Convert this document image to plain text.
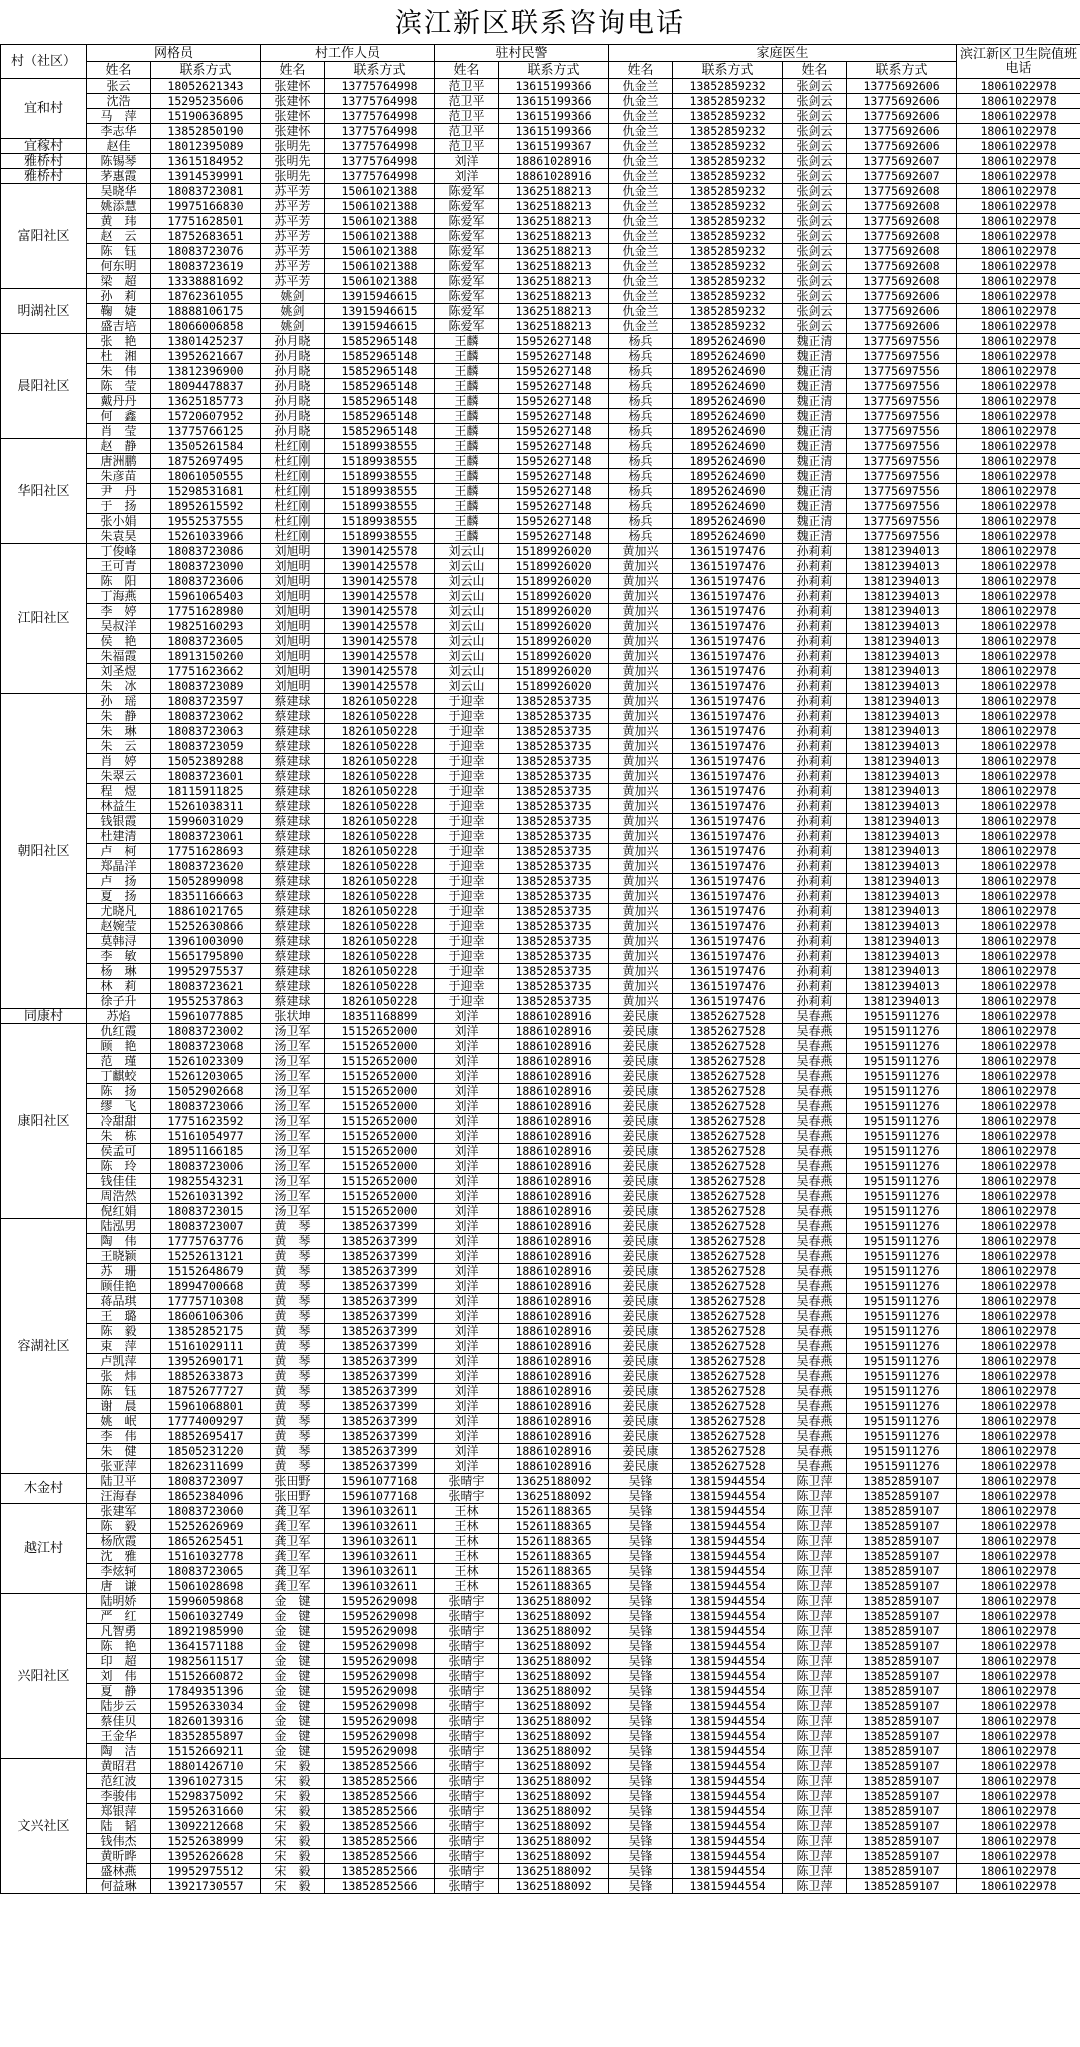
滨江新区联系咨询电话
村（社区）	网格员		村工作人员		驻村民警		家庭医生				滨江新区卫生院值班电话
	姓名	联系方式	姓名	联系方式	姓名	联系方式	姓名	联系方式	姓名	联系方式	
宜和村	张云	18052621343	张建怀	13775764998	范卫平	13615199366	仇金兰	13852859232	张剑云	13775692606	18061022978
	沈浩	15295235606	张建怀	13775764998	范卫平	13615199366	仇金兰	13852859232	张剑云	13775692606	18061022978
	马　萍	15190636895	张建怀	13775764998	范卫平	13615199366	仇金兰	13852859232	张剑云	13775692606	18061022978
	李志华	13852850190	张建怀	13775764998	范卫平	13615199366	仇金兰	13852859232	张剑云	13775692606	18061022978
宜稼村	赵佳	18012395089	张明先	13775764998	范卫平	13615199367	仇金兰	13852859232	张剑云	13775692606	18061022978
雅桥村	陈锡琴	13615184952	张明先	13775764998	刘洋	18861028916	仇金兰	13852859232	张剑云	13775692607	18061022978
雅桥村	茅惠霞	13914539991	张明先	13775764998	刘洋	18861028916	仇金兰	13852859232	张剑云	13775692607	18061022978
富阳社区	吴晓华	18083723081	苏平芳	15061021388	陈爱军	13625188213	仇金兰	13852859232	张剑云	13775692608	18061022978
	姚添慧	19975166830	苏平芳	15061021388	陈爱军	13625188213	仇金兰	13852859232	张剑云	13775692608	18061022978
	黄　玮	17751628501	苏平芳	15061021388	陈爱军	13625188213	仇金兰	13852859232	张剑云	13775692608	18061022978
	赵　云	18752683651	苏平芳	15061021388	陈爱军	13625188213	仇金兰	13852859232	张剑云	13775692608	18061022978
	陈　钰	18083723076	苏平芳	15061021388	陈爱军	13625188213	仇金兰	13852859232	张剑云	13775692608	18061022978
	何东明	18083723619	苏平芳	15061021388	陈爱军	13625188213	仇金兰	13852859232	张剑云	13775692608	18061022978
	梁　超	13338881692	苏平芳	15061021388	陈爱军	13625188213	仇金兰	13852859232	张剑云	13775692608	18061022978
明湖社区	孙　莉	18762361055	姚剑	13915946615	陈爱军	13625188213	仇金兰	13852859232	张剑云	13775692606	18061022978
	鞠　婕	18888106175	姚剑	13915946615	陈爱军	13625188213	仇金兰	13852859232	张剑云	13775692606	18061022978
	盛吉培	18066006858	姚剑	13915946615	陈爱军	13625188213	仇金兰	13852859232	张剑云	13775692606	18061022978
晨阳社区	张　艳	13801425237	孙月晓	15852965148	王麟	15952627148	杨兵	18952624690	魏正清	13775697556	18061022978
	杜　湘	13952621667	孙月晓	15852965148	王麟	15952627148	杨兵	18952624690	魏正清	13775697556	18061022978
	朱　伟	13812396900	孙月晓	15852965148	王麟	15952627148	杨兵	18952624690	魏正清	13775697556	18061022978
	陈　莹	18094478837	孙月晓	15852965148	王麟	15952627148	杨兵	18952624690	魏正清	13775697556	18061022978
	戴丹丹	13625185773	孙月晓	15852965148	王麟	15952627148	杨兵	18952624690	魏正清	13775697556	18061022978
	何　鑫	15720607952	孙月晓	15852965148	王麟	15952627148	杨兵	18952624690	魏正清	13775697556	18061022978
	肖　莹	13775766125	孙月晓	15852965148	王麟	15952627148	杨兵	18952624690	魏正清	13775697556	18061022978
华阳社区	赵　静	13505261584	杜红刚	15189938555	王麟	15952627148	杨兵	18952624690	魏正清	13775697556	18061022978
	唐洲鹏	18752697495	杜红刚	15189938555	王麟	15952627148	杨兵	18952624690	魏正清	13775697556	18061022978
	朱彦苗	18061050555	杜红刚	15189938555	王麟	15952627148	杨兵	18952624690	魏正清	13775697556	18061022978
	尹　丹	15298531681	杜红刚	15189938555	王麟	15952627148	杨兵	18952624690	魏正清	13775697556	18061022978
	于　扬	18952615592	杜红刚	15189938555	王麟	15952627148	杨兵	18952624690	魏正清	13775697556	18061022978
	张小娟	19552537555	杜红刚	15189938555	王麟	15952627148	杨兵	18952624690	魏正清	13775697556	18061022978
	朱袁昊	15261033966	杜红刚	15189938555	王麟	15952627148	杨兵	18952624690	魏正清	13775697556	18061022978
江阳社区	丁俊峰	18083723086	刘旭明	13901425578	刘云山	15189926020	黄加兴	13615197476	孙莉莉	13812394013	18061022978
	王可青	18083723090	刘旭明	13901425578	刘云山	15189926020	黄加兴	13615197476	孙莉莉	13812394013	18061022978
	陈　阳	18083723606	刘旭明	13901425578	刘云山	15189926020	黄加兴	13615197476	孙莉莉	13812394013	18061022978
	丁海燕	15961065403	刘旭明	13901425578	刘云山	15189926020	黄加兴	13615197476	孙莉莉	13812394013	18061022978
	李　婷	17751628980	刘旭明	13901425578	刘云山	15189926020	黄加兴	13615197476	孙莉莉	13812394013	18061022978
	吴叔洋	19825160293	刘旭明	13901425578	刘云山	15189926020	黄加兴	13615197476	孙莉莉	13812394013	18061022978
	侯　艳	18083723605	刘旭明	13901425578	刘云山	15189926020	黄加兴	13615197476	孙莉莉	13812394013	18061022978
	朱福霞	18913150260	刘旭明	13901425578	刘云山	15189926020	黄加兴	13615197476	孙莉莉	13812394013	18061022978
	刘圣煜	17751623662	刘旭明	13901425578	刘云山	15189926020	黄加兴	13615197476	孙莉莉	13812394013	18061022978
	朱　冰	18083723089	刘旭明	13901425578	刘云山	15189926020	黄加兴	13615197476	孙莉莉	13812394013	18061022978
朝阳社区	孙　瑶	18083723597	蔡建球	18261050228	于迎幸	13852853735	黄加兴	13615197476	孙莉莉	13812394013	18061022978
	朱　静	18083723062	蔡建球	18261050228	于迎幸	13852853735	黄加兴	13615197476	孙莉莉	13812394013	18061022978
	朱　琳	18083723063	蔡建球	18261050228	于迎幸	13852853735	黄加兴	13615197476	孙莉莉	13812394013	18061022978
	朱　云	18083723059	蔡建球	18261050228	于迎幸	13852853735	黄加兴	13615197476	孙莉莉	13812394013	18061022978
	肖　婷	15052389288	蔡建球	18261050228	于迎幸	13852853735	黄加兴	13615197476	孙莉莉	13812394013	18061022978
	朱翠云	18083723601	蔡建球	18261050228	于迎幸	13852853735	黄加兴	13615197476	孙莉莉	13812394013	18061022978
	程　煜	18115911825	蔡建球	18261050228	于迎幸	13852853735	黄加兴	13615197476	孙莉莉	13812394013	18061022978
	林益生	15261038311	蔡建球	18261050228	于迎幸	13852853735	黄加兴	13615197476	孙莉莉	13812394013	18061022978
	钱银霞	15996031029	蔡建球	18261050228	于迎幸	13852853735	黄加兴	13615197476	孙莉莉	13812394013	18061022978
	杜建清	18083723061	蔡建球	18261050228	于迎幸	13852853735	黄加兴	13615197476	孙莉莉	13812394013	18061022978
	卢　柯	17751628693	蔡建球	18261050228	于迎幸	13852853735	黄加兴	13615197476	孙莉莉	13812394013	18061022978
	郑晶洋	18083723620	蔡建球	18261050228	于迎幸	13852853735	黄加兴	13615197476	孙莉莉	13812394013	18061022978
	卢　扬	15052899098	蔡建球	18261050228	于迎幸	13852853735	黄加兴	13615197476	孙莉莉	13812394013	18061022978
	夏　扬	18351166663	蔡建球	18261050228	于迎幸	13852853735	黄加兴	13615197476	孙莉莉	13812394013	18061022978
	尤晓凡	18861021765	蔡建球	18261050228	于迎幸	13852853735	黄加兴	13615197476	孙莉莉	13812394013	18061022978
	赵婉莹	15252630866	蔡建球	18261050228	于迎幸	13852853735	黄加兴	13615197476	孙莉莉	13812394013	18061022978
	莫韩浔	13961003090	蔡建球	18261050228	于迎幸	13852853735	黄加兴	13615197476	孙莉莉	13812394013	18061022978
	李　敏	15651795890	蔡建球	18261050228	于迎幸	13852853735	黄加兴	13615197476	孙莉莉	13812394013	18061022978
	杨　琳	19952975537	蔡建球	18261050228	于迎幸	13852853735	黄加兴	13615197476	孙莉莉	13812394013	18061022978
	林　莉	18083723621	蔡建球	18261050228	于迎幸	13852853735	黄加兴	13615197476	孙莉莉	13812394013	18061022978
	徐子升	19552537863	蔡建球	18261050228	于迎幸	13852853735	黄加兴	13615197476	孙莉莉	13812394013	18061022978
同康村	苏焰	15961077885	张状坤	18351168899	刘洋	18861028916	姜民康	13852627528	吴春燕	19515911276	18061022978
康阳社区	仇红霞	18083723002	汤卫军	15152652000	刘洋	18861028916	姜民康	13852627528	吴春燕	19515911276	18061022978
	顾　艳	18083723068	汤卫军	15152652000	刘洋	18861028916	姜民康	13852627528	吴春燕	19515911276	18061022978
	范　瑾	15261023309	汤卫军	15152652000	刘洋	18861028916	姜民康	13852627528	吴春燕	19515911276	18061022978
	丁麒蛟	15261203065	汤卫军	15152652000	刘洋	18861028916	姜民康	13852627528	吴春燕	19515911276	18061022978
	陈　扬	15052902668	汤卫军	15152652000	刘洋	18861028916	姜民康	13852627528	吴春燕	19515911276	18061022978
	缪　飞	18083723066	汤卫军	15152652000	刘洋	18861028916	姜民康	13852627528	吴春燕	19515911276	18061022978
	冷甜甜	17751623592	汤卫军	15152652000	刘洋	18861028916	姜民康	13852627528	吴春燕	19515911276	18061022978
	朱　栋	15161054977	汤卫军	15152652000	刘洋	18861028916	姜民康	13852627528	吴春燕	19515911276	18061022978
	侯孟可	18951166185	汤卫军	15152652000	刘洋	18861028916	姜民康	13852627528	吴春燕	19515911276	18061022978
	陈　玲	18083723006	汤卫军	15152652000	刘洋	18861028916	姜民康	13852627528	吴春燕	19515911276	18061022978
	钱佳佳	19825543231	汤卫军	15152652000	刘洋	18861028916	姜民康	13852627528	吴春燕	19515911276	18061022978
	周浩然	15261031392	汤卫军	15152652000	刘洋	18861028916	姜民康	13852627528	吴春燕	19515911276	18061022978
	倪红娟	18083723015	汤卫军	15152652000	刘洋	18861028916	姜民康	13852627528	吴春燕	19515911276	18061022978
容湖社区	陆泓男	18083723007	黄　琴	13852637399	刘洋	18861028916	姜民康	13852627528	吴春燕	19515911276	18061022978
	陶　伟	17775763776	黄　琴	13852637399	刘洋	18861028916	姜民康	13852627528	吴春燕	19515911276	18061022978
	王晓颖	15252613121	黄　琴	13852637399	刘洋	18861028916	姜民康	13852627528	吴春燕	19515911276	18061022978
	苏　珊	15152648679	黄　琴	13852637399	刘洋	18861028916	姜民康	13852627528	吴春燕	19515911276	18061022978
	顾佳艳	18994700668	黄　琴	13852637399	刘洋	18861028916	姜民康	13852627528	吴春燕	19515911276	18061022978
	蒋品琪	17775710308	黄　琴	13852637399	刘洋	18861028916	姜民康	13852627528	吴春燕	19515911276	18061022978
	王　璐	18606106306	黄　琴	13852637399	刘洋	18861028916	姜民康	13852627528	吴春燕	19515911276	18061022978
	陈　毅	13852852175	黄　琴	13852637399	刘洋	18861028916	姜民康	13852627528	吴春燕	19515911276	18061022978
	束　萍	15161029111	黄　琴	13852637399	刘洋	18861028916	姜民康	13852627528	吴春燕	19515911276	18061022978
	卢凯萍	13952690171	黄　琴	13852637399	刘洋	18861028916	姜民康	13852627528	吴春燕	19515911276	18061022978
	张　炜	18852633873	黄　琴	13852637399	刘洋	18861028916	姜民康	13852627528	吴春燕	19515911276	18061022978
	陈　钰	18752677727	黄　琴	13852637399	刘洋	18861028916	姜民康	13852627528	吴春燕	19515911276	18061022978
	谢　晨	15961068801	黄　琴	13852637399	刘洋	18861028916	姜民康	13852627528	吴春燕	19515911276	18061022978
	姚　岷	17774009297	黄　琴	13852637399	刘洋	18861028916	姜民康	13852627528	吴春燕	19515911276	18061022978
	李　伟	18852695417	黄　琴	13852637399	刘洋	18861028916	姜民康	13852627528	吴春燕	19515911276	18061022978
	朱　健	18505231220	黄　琴	13852637399	刘洋	18861028916	姜民康	13852627528	吴春燕	19515911276	18061022978
	张亚萍	18262311699	黄　琴	13852637399	刘洋	18861028916	姜民康	13852627528	吴春燕	19515911276	18061022978
木金村	陆卫平	18083723097	张田野	15961077168	张晴宇	13625188092	吴锋	13815944554	陈卫萍	13852859107	18061022978
	汪海春	18652384096	张田野	15961077168	张晴宇	13625188092	吴锋	13815944554	陈卫萍	13852859107	18061022978
越江村	张建军	18083723060	龚卫军	13961032611	王林	15261188365	吴锋	13815944554	陈卫萍	13852859107	18061022978
	陈　毅	15252626969	龚卫军	13961032611	王林	15261188365	吴锋	13815944554	陈卫萍	13852859107	18061022978
	杨欣霞	18652625451	龚卫军	13961032611	王林	15261188365	吴锋	13815944554	陈卫萍	13852859107	18061022978
	沈　雅	15161032778	龚卫军	13961032611	王林	15261188365	吴锋	13815944554	陈卫萍	13852859107	18061022978
	李炫轲	18083723065	龚卫军	13961032611	王林	15261188365	吴锋	13815944554	陈卫萍	13852859107	18061022978
	唐　谦	15061028698	龚卫军	13961032611	王林	15261188365	吴锋	13815944554	陈卫萍	13852859107	18061022978
兴阳社区	陆明娇	15996059868	金　键	15952629098	张晴宇	13625188092	吴锋	13815944554	陈卫萍	13852859107	18061022978
	严　红	15061032749	金　键	15952629098	张晴宇	13625188092	吴锋	13815944554	陈卫萍	13852859107	18061022978
	凡智勇	18921985990	金　键	15952629098	张晴宇	13625188092	吴锋	13815944554	陈卫萍	13852859107	18061022978
	陈　艳	13641571188	金　键	15952629098	张晴宇	13625188092	吴锋	13815944554	陈卫萍	13852859107	18061022978
	印　超	19825611517	金　键	15952629098	张晴宇	13625188092	吴锋	13815944554	陈卫萍	13852859107	18061022978
	刘　伟	15152660872	金　键	15952629098	张晴宇	13625188092	吴锋	13815944554	陈卫萍	13852859107	18061022978
	夏　静	17849351396	金　键	15952629098	张晴宇	13625188092	吴锋	13815944554	陈卫萍	13852859107	18061022978
	陆步云	15952633034	金　键	15952629098	张晴宇	13625188092	吴锋	13815944554	陈卫萍	13852859107	18061022978
	蔡佳贝	18260139316	金　键	15952629098	张晴宇	13625188092	吴锋	13815944554	陈卫萍	13852859107	18061022978
	王金华	18352855897	金　键	15952629098	张晴宇	13625188092	吴锋	13815944554	陈卫萍	13852859107	18061022978
	陶　洁	15152669211	金　键	15952629098	张晴宇	13625188092	吴锋	13815944554	陈卫萍	13852859107	18061022978
文兴社区	黄昭君	18801426710	宋　毅	13852852566	张晴宇	13625188092	吴锋	13815944554	陈卫萍	13852859107	18061022978
	范红波	13961027315	宋　毅	13852852566	张晴宇	13625188092	吴锋	13815944554	陈卫萍	13852859107	18061022978
	李骏伟	15298375092	宋　毅	13852852566	张晴宇	13625188092	吴锋	13815944554	陈卫萍	13852859107	18061022978
	郑银萍	15952631660	宋　毅	13852852566	张晴宇	13625188092	吴锋	13815944554	陈卫萍	13852859107	18061022978
	陆　韬	13092212668	宋　毅	13852852566	张晴宇	13625188092	吴锋	13815944554	陈卫萍	13852859107	18061022978
	钱伟杰	15252638999	宋　毅	13852852566	张晴宇	13625188092	吴锋	13815944554	陈卫萍	13852859107	18061022978
	黄昕晔	13952626628	宋　毅	13852852566	张晴宇	13625188092	吴锋	13815944554	陈卫萍	13852859107	18061022978
	盛林燕	19952975512	宋　毅	13852852566	张晴宇	13625188092	吴锋	13815944554	陈卫萍	13852859107	18061022978
	何益琳	13921730557	宋　毅	13852852566	张晴宇	13625188092	吴锋	13815944554	陈卫萍	13852859107	18061022978
